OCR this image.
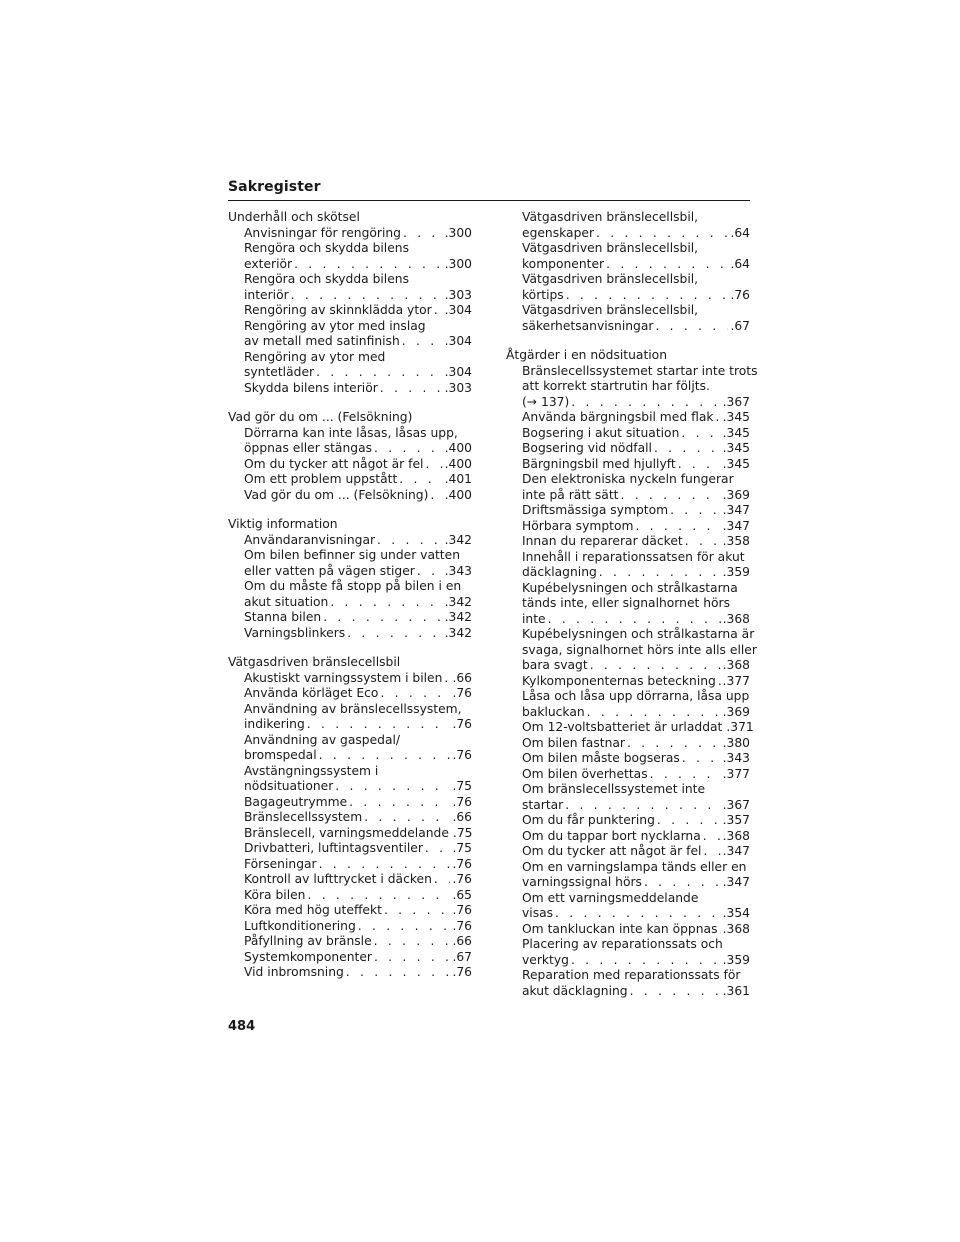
Sakregister
Underhåll och skötsel
Anvisningar för rengöring . . .	.300
Rengöra och skydda bilens
exteriör . . .	.300
Rengöra och skydda bilens
interiör . . .	.303
Rengöring av skinnklädda ytor . . . .304
Rengöring av ytor med inslag
av metall med satinfinish . . .	.304
Rengöring av ytor med
syntetläder . . .	.304
Skydda bilens interiör . . .	.303
Vad gör du om ... (Felsökning)
Dörrarna kan inte låsas, låsas upp,
öppnas eller stängas . . .	.400
Om du tycker att något är fel . . . .400
Om ett problem uppstått . . .	.401
Vad gör du om ... (Felsökning) . . . .400
Viktig information
Användaranvisningar . . .	.342
Om bilen befinner sig under vatten
eller vatten på vägen stiger . . . .343
Om du måste få stopp på bilen i en
akut situation . . .	.342
Stanna bilen . . .	.342
Varningsblinkers . . .	.342
Vätgasdriven bränslecellsbil
Akustiskt varningssystem i bilen . . . .66
Använda körläget Eco . . .	.76
Användning av bränslecellssystem,
indikering . . .	.76
Användning av gaspedal/
bromspedal . . .	.76
Avstängningssystem i
nödsituationer . . .	.75
Bagageutrymme . . .	.76
Bränslecellssystem . . .	.66
Bränslecell, varningsmeddelande . . . .75
Drivbatteri, luftintagsventiler . . . .75
Förseningar . . .	.76
Kontroll av lufttrycket i däcken . . . .76
Köra bilen . . .	.65
Köra med hög uteffekt . . .	.76
Luftkonditionering . . .	.76
Påfyllning av bränsle . . .	.66
Systemkomponenter . . .	.67
Vid inbromsning . . .	.76
Vätgasdriven bränslecellsbil,
egenskaper . . .	.64
Vätgasdriven bränslecellsbil,
komponenter . . .	.64
Vätgasdriven bränslecellsbil,
körtips . . .	.76
Vätgasdriven bränslecellsbil,
säkerhetsanvisningar . . .	.67
Åtgärder i en nödsituation
Bränslecellssystemet startar inte trots
att korrekt startrutin har följts.
(→ 137) . . .	.367
Använda bärgningsbil med flak . . . .345
Bogsering i akut situation . . .	.345
Bogsering vid nödfall . . .	.345
Bärgningsbil med hjullyft . . .	.345
Den elektroniska nyckeln fungerar
inte på rätt sätt . . .	.369
Driftsmässiga symptom . . .	.347
Hörbara symptom . . .	.347
Innan du reparerar däcket . . .	.358
Innehåll i reparationssatsen för akut
däcklagning . . .	.359
Kupébelysningen och strålkastarna
tänds inte, eller signalhornet hörs
inte . . .	.368
Kupébelysningen och strålkastarna är
svaga, signalhornet hörs inte alls eller
bara svagt . . .	.368
Kylkomponenternas beteckning . . . .377
Låsa och låsa upp dörrarna, låsa upp
bakluckan . . .	.369
Om 12-voltsbatteriet är urladdat . . . .371
Om bilen fastnar . . .	.380
Om bilen måste bogseras . . .	.343
Om bilen överhettas . . .	.377
Om bränslecellssystemet inte
startar . . .	.367
Om du får punktering . . .	.357
Om du tappar bort nycklarna . . . .368
Om du tycker att något är fel . . . .347
Om en varningslampa tänds eller en
varningssignal hörs . . .	.347
Om ett varningsmeddelande
visas . . .	.354
Om tankluckan inte kan öppnas . . . .368
Placering av reparationssats och
verktyg . . .	.359
Reparation med reparationssats för
akut däcklagning . . .	.361
484
